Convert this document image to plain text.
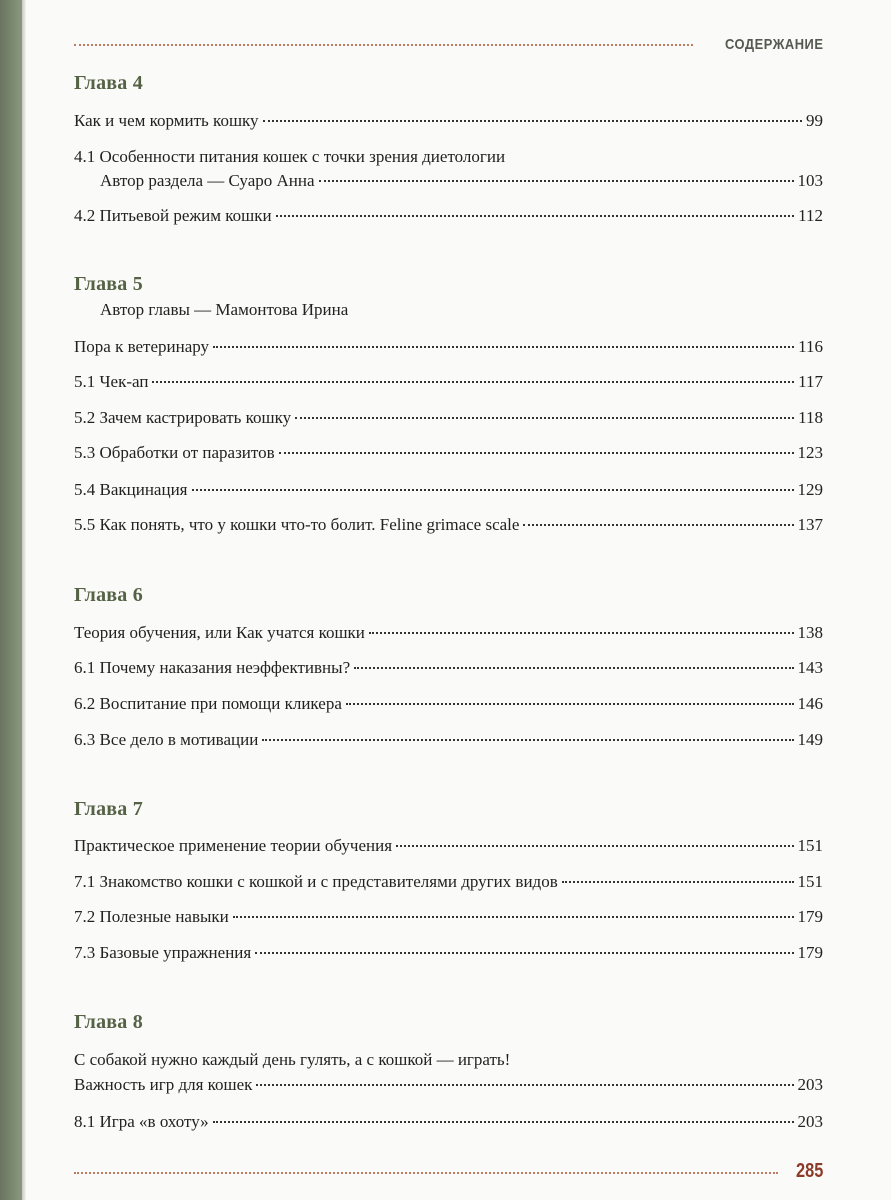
СОДЕРЖАНИЕ
Глава 4
Как и чем кормить кошку	99
4.1 Особенности питания кошек с точки зрения диетологии
Автор раздела — Суаро Анна	103
4.2 Питьевой режим кошки	112
Глава 5
Автор главы — Мамонтова Ирина
Пора к ветеринару	116
5.1 Чек-ап	117
5.2 Зачем кастрировать кошку	118
5.3 Обработки от паразитов	123
5.4 Вакцинация	129
5.5 Как понять, что у кошки что-то болит. Feline grimace scale	137
Глава 6
Теория обучения, или Как учатся кошки	138
6.1 Почему наказания неэффективны?	143
6.2 Воспитание при помощи кликера	146
6.3 Все дело в мотивации	149
Глава 7
Практическое применение теории обучения	151
7.1 Знакомство кошки с кошкой и с представителями других видов	151
7.2 Полезные навыки	179
7.3 Базовые упражнения	179
Глава 8
С собакой нужно каждый день гулять, а с кошкой — играть!
Важность игр для кошек	203
8.1 Игра «в охоту»	203
285
